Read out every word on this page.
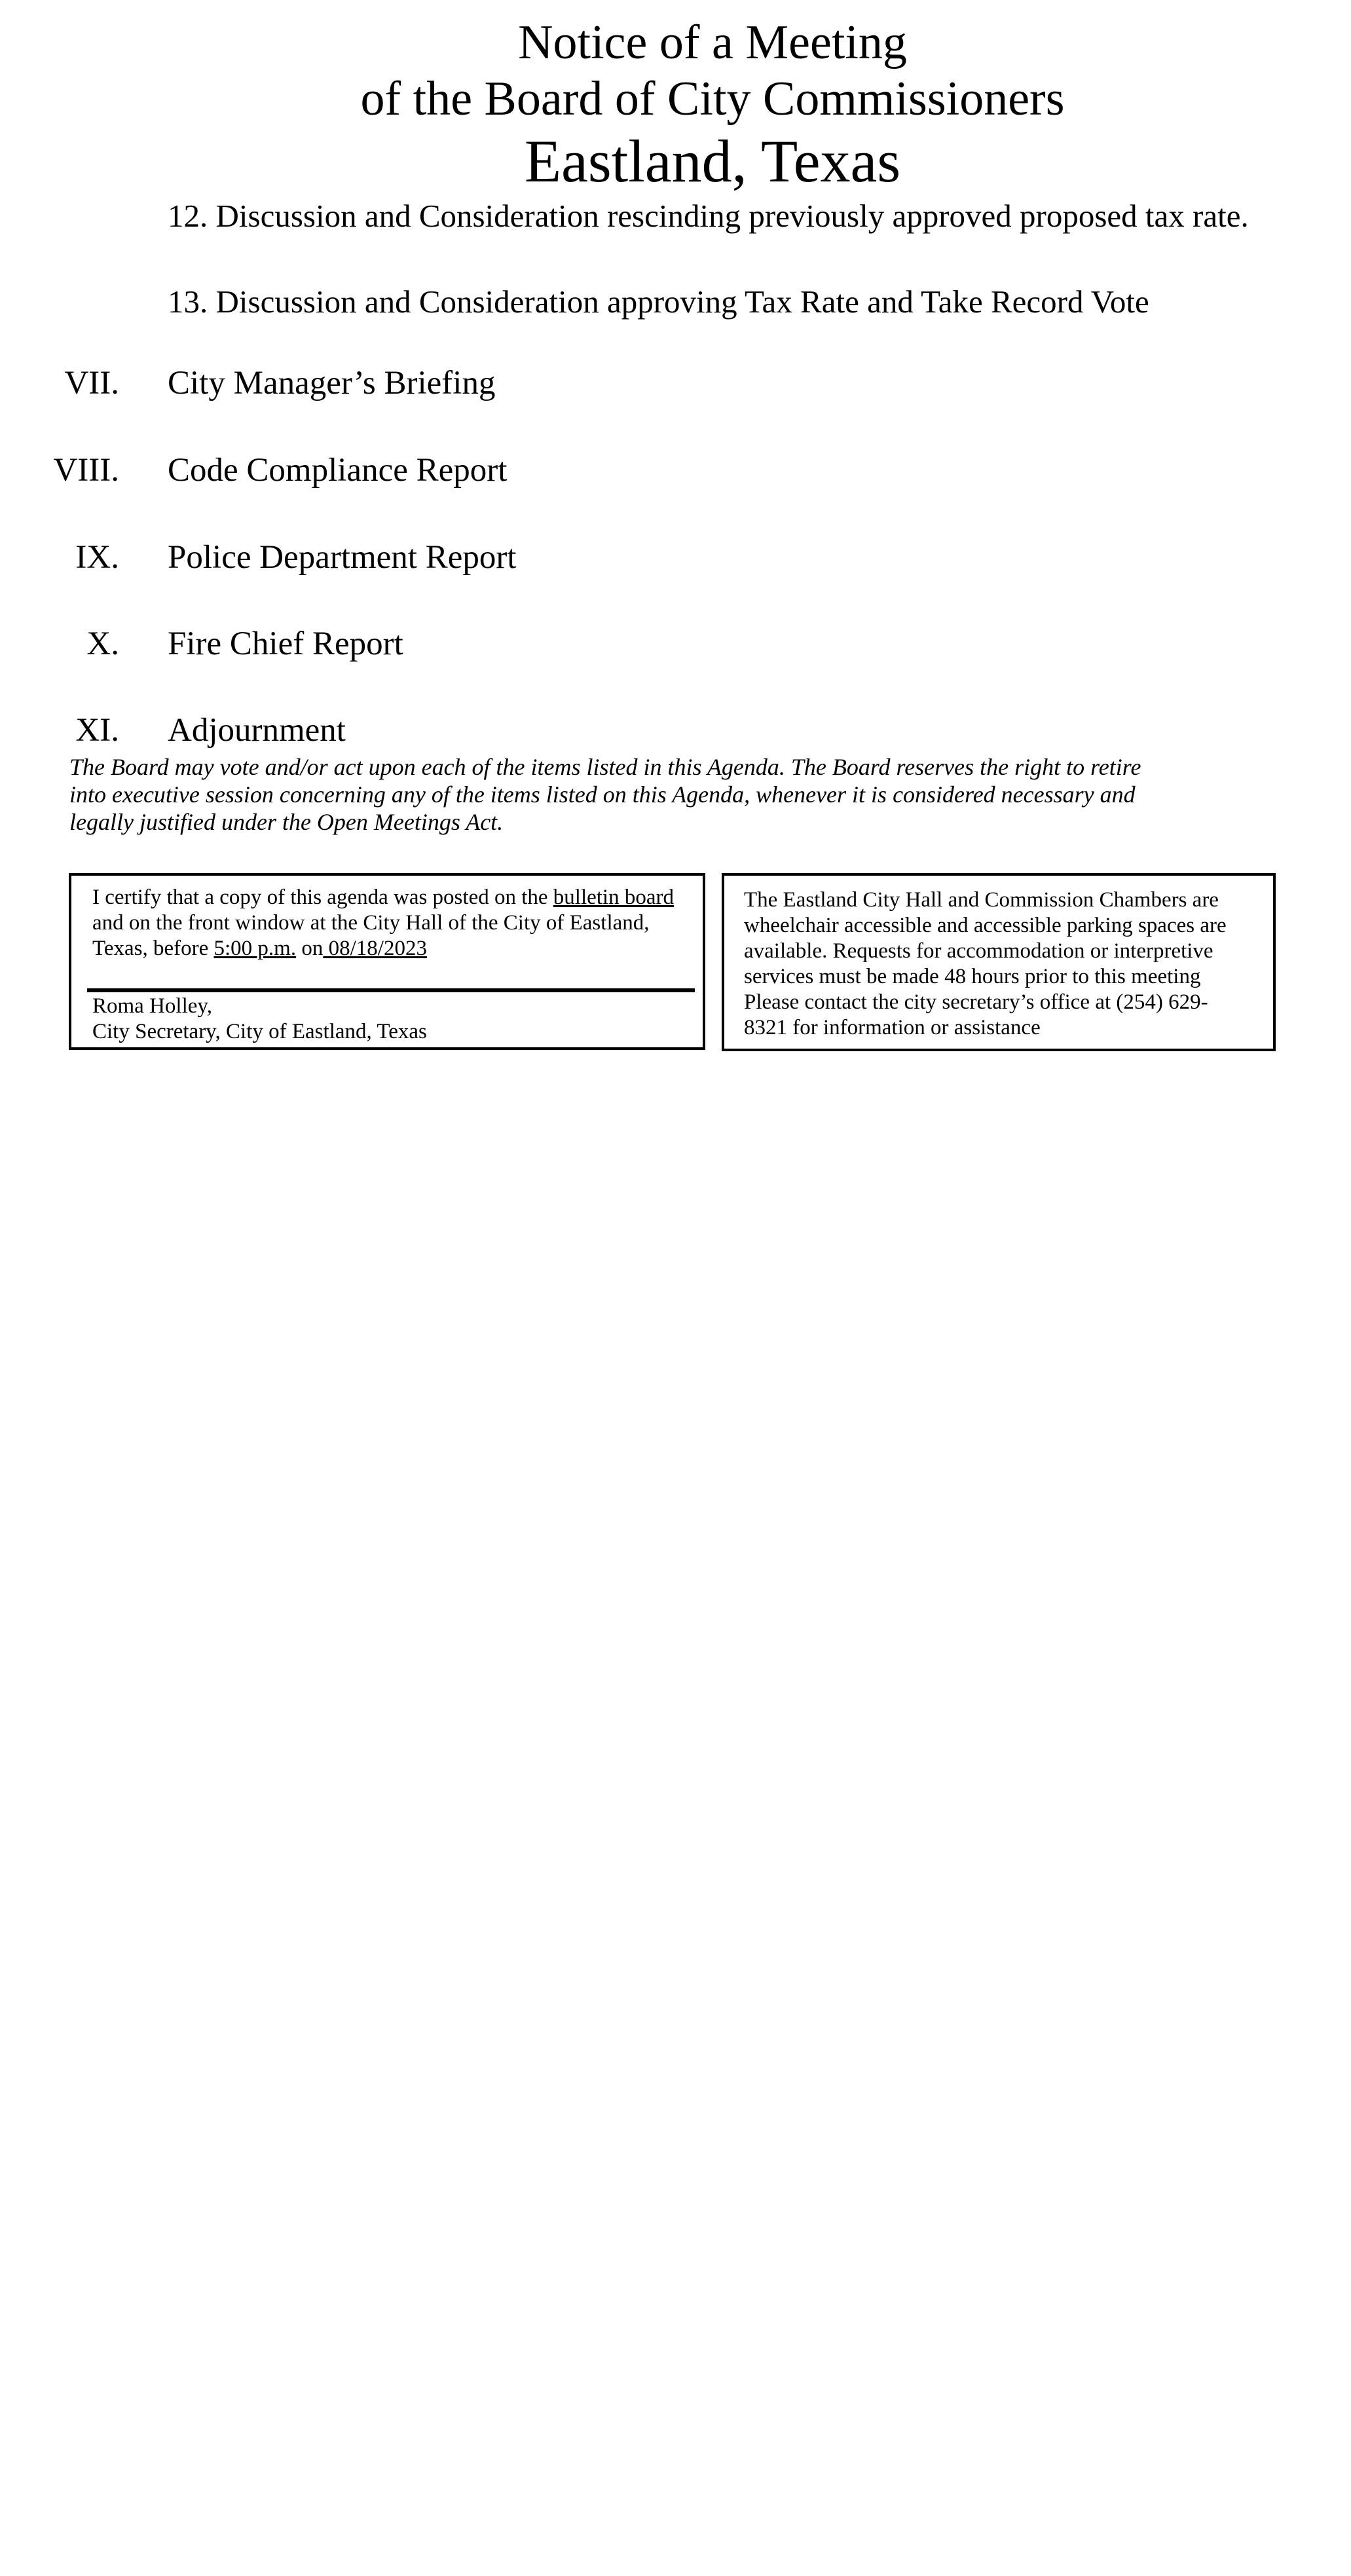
Notice of a Meeting
of the Board of City Commissioners
Eastland, Texas
12. Discussion and Consideration rescinding previously approved proposed tax rate.
13. Discussion and Consideration approving Tax Rate and Take Record Vote
VII. City Manager’s Briefing
VIII. Code Compliance Report
IX. Police Department Report
X. Fire Chief Report
XI. Adjournment
The Board may vote and/or act upon each of the items listed in this Agenda. The Board reserves the right to retire
into executive session concerning any of the items listed on this Agenda, whenever it is considered necessary and
legally justified under the Open Meetings Act.
I certify that a copy of this agenda was posted on the bulletin board
and on the front window at the City Hall of the City of Eastland,
Texas, before 5:00 p.m. on 08/18/2023
Roma Holley,
City Secretary, City of Eastland, Texas
The Eastland City Hall and Commission Chambers are
wheelchair accessible and accessible parking spaces are
available. Requests for accommodation or interpretive
services must be made 48 hours prior to this meeting
Please contact the city secretary’s office at (254) 629-
8321 for information or assistance
